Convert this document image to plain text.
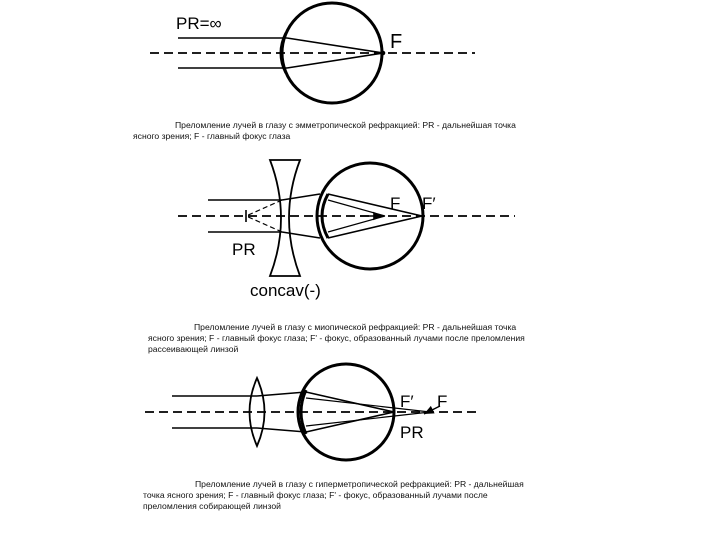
PR=∞
F
F F′
PR
concav(-)
F′ F
PR
Преломление лучей в глазу с эмметропической рефракцией: PR - дальнейшая точка
ясного зрения; F - главный фокус глаза
Преломление лучей в глазу с миопической рефракцией: PR - дальнейшая точка
ясного зрения; F - главный фокус глаза; F' - фокус, образованный лучами после преломления
рассеивающей линзой
Преломление лучей в глазу с гиперметропической рефракцией: PR - дальнейшая
точка ясного зрения; F - главный фокус глаза; F' - фокус, образованный лучами после
преломления собирающей линзой
